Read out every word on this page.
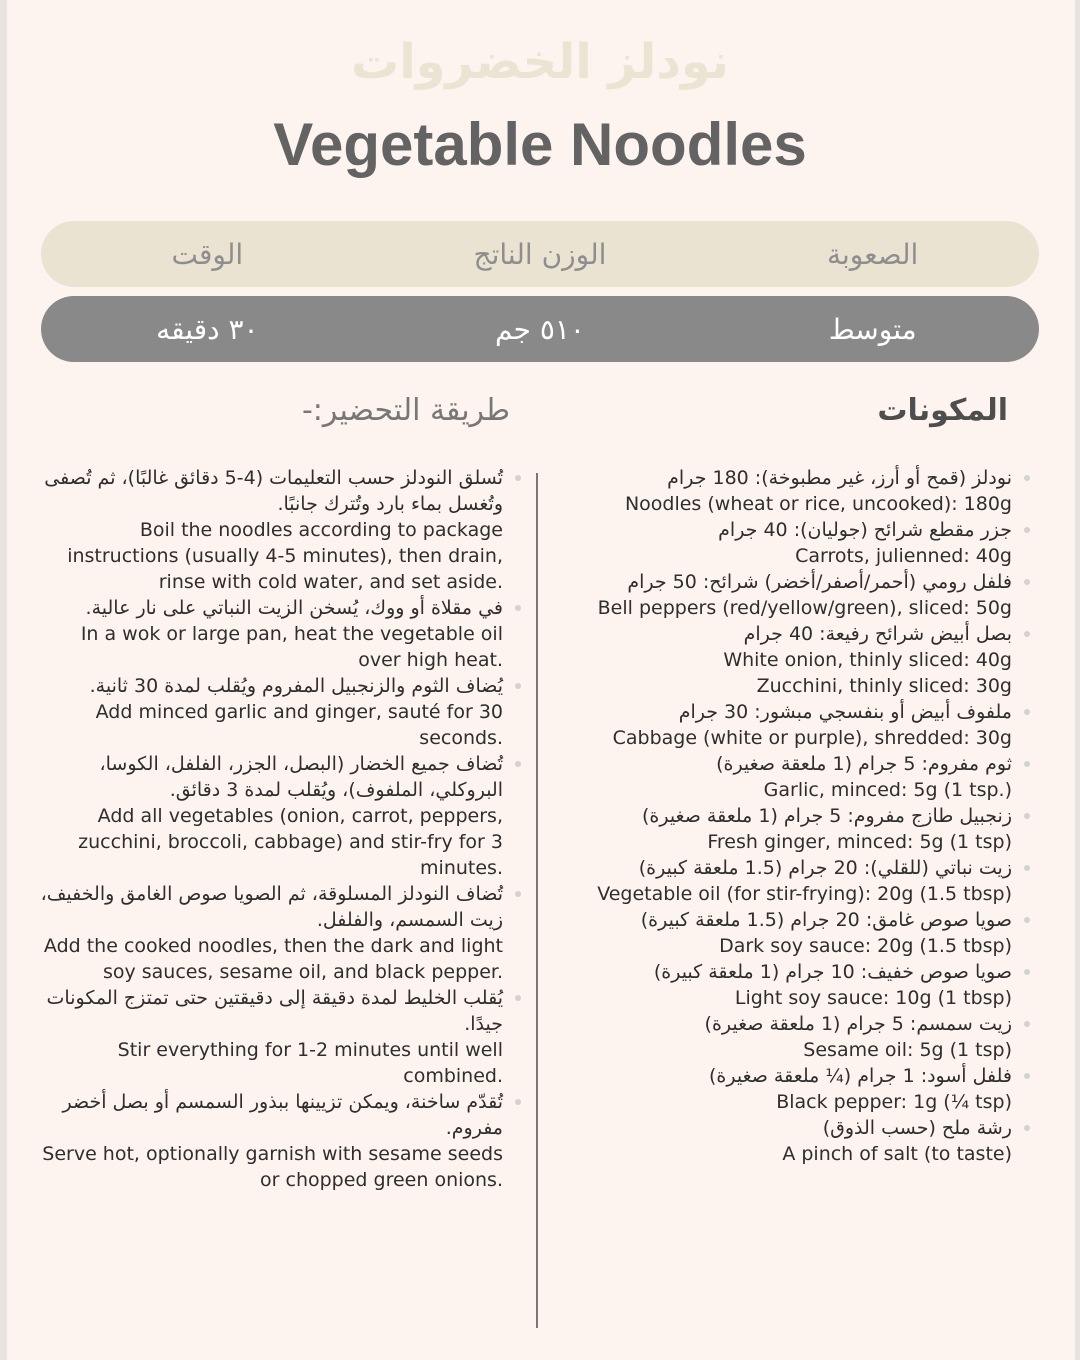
نودلز الخضروات
Vegetable Noodles
الصعوبة
الوزن الناتج
الوقت
متوسط
٥١٠ جم
٣٠ دقيقه
المكونات
طريقة التحضير:-
نودلز (قمح أو أرز، غير مطبوخة): 180 جرام
Noodles (wheat or rice, uncooked): 180g
جزر مقطع شرائح (جوليان): 40 جرام
Carrots, julienned: 40g
فلفل رومي (أحمر/أصفر/أخضر) شرائح: 50 جرام
Bell peppers (red/yellow/green), sliced: 50g
بصل أبيض شرائح رفيعة: 40 جرام
White onion, thinly sliced: 40g
Zucchini, thinly sliced: 30g
ملفوف أبيض أو بنفسجي مبشور: 30 جرام
Cabbage (white or purple), shredded: 30g
ثوم مفروم: 5 جرام (1 ملعقة صغيرة)
Garlic, minced: 5g (1 tsp.)
زنجبيل طازج مفروم: 5 جرام (1 ملعقة صغيرة)
Fresh ginger, minced: 5g (1 tsp)
زيت نباتي (للقلي): 20 جرام (1.5 ملعقة كبيرة)
Vegetable oil (for stir-frying): 20g (1.5 tbsp)
صويا صوص غامق: 20 جرام (1.5 ملعقة كبيرة)
Dark soy sauce: 20g (1.5 tbsp)
صويا صوص خفيف: 10 جرام (1 ملعقة كبيرة)
Light soy sauce: 10g (1 tbsp)
زيت سمسم: 5 جرام (1 ملعقة صغيرة)
Sesame oil: 5g (1 tsp)
فلفل أسود: 1 جرام (¼ ملعقة صغيرة)
Black pepper: 1g (¼ tsp)
رشة ملح (حسب الذوق)
A pinch of salt (to taste)
تُسلق النودلز حسب التعليمات (4-5 دقائق غالبًا)، ثم تُصفى وتُغسل بماء بارد وتُترك جانبًا.
Boil the noodles according to package instructions (usually 4-5 minutes), then drain, rinse with cold water, and set aside.
في مقلاة أو ووك، يُسخن الزيت النباتي على نار عالية.
In a wok or large pan, heat the vegetable oil over high heat.
يُضاف الثوم والزنجبيل المفروم ويُقلب لمدة 30 ثانية.
Add minced garlic and ginger, sauté for 30 seconds.
تُضاف جميع الخضار (البصل، الجزر، الفلفل، الكوسا، البروكلي، الملفوف)، ويُقلب لمدة 3 دقائق.
Add all vegetables (onion, carrot, peppers, zucchini, broccoli, cabbage) and stir-fry for 3 minutes.
تُضاف النودلز المسلوقة، ثم الصويا صوص الغامق والخفيف، زيت السمسم، والفلفل.
Add the cooked noodles, then the dark and light soy sauces, sesame oil, and black pepper.
يُقلب الخليط لمدة دقيقة إلى دقيقتين حتى تمتزج المكونات جيدًا.
Stir everything for 1-2 minutes until well combined.
تُقدّم ساخنة، ويمكن تزيينها ببذور السمسم أو بصل أخضر مفروم.
Serve hot, optionally garnish with sesame seeds or chopped green onions.
